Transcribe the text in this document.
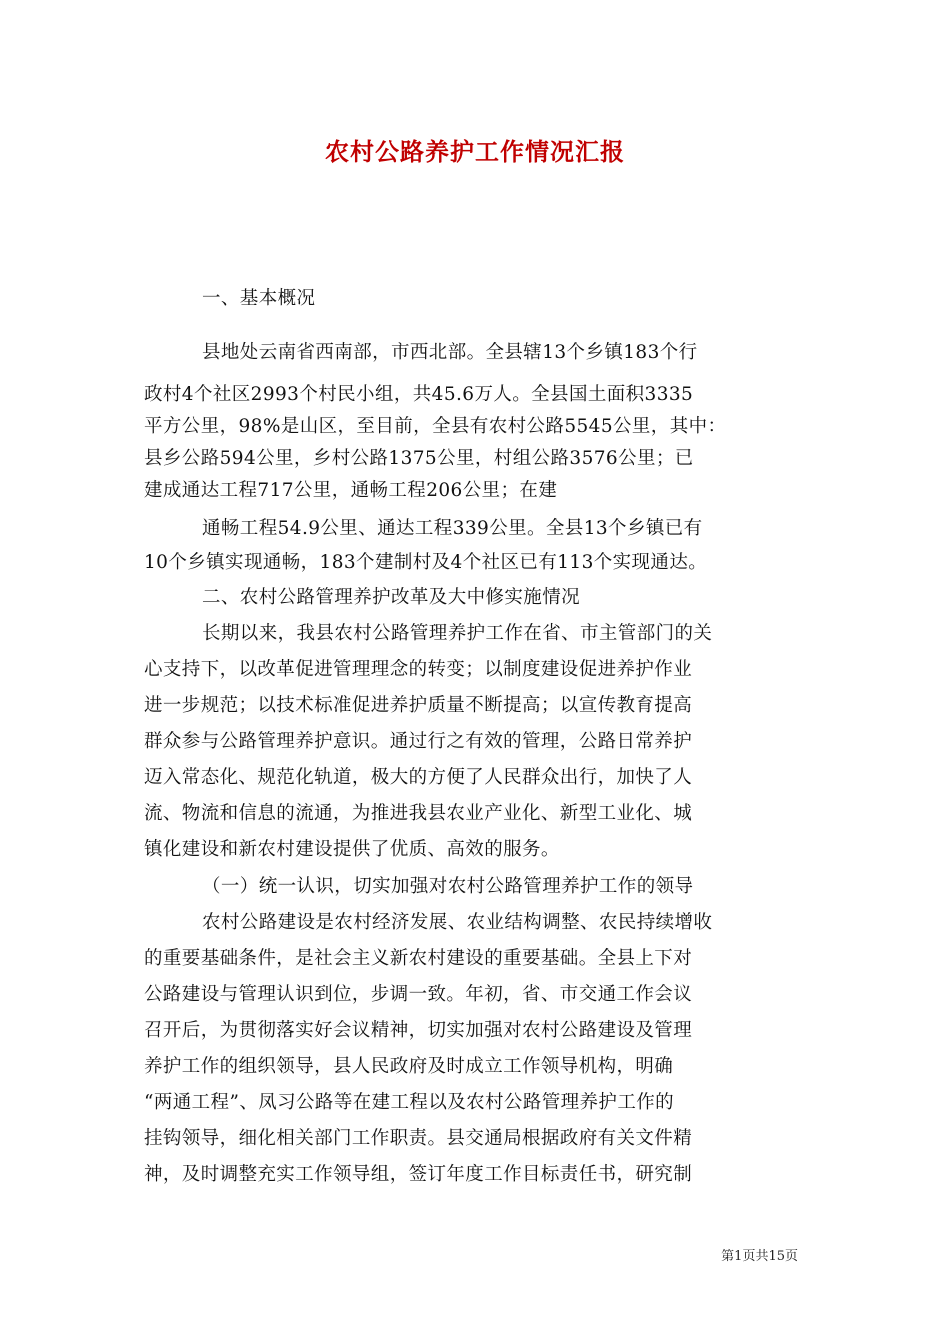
农村公路养护工作情况汇报
一、基本概况
县地处云南省西南部，市西北部。全县辖13个乡镇183个行
政村4个社区2993个村民小组，共45.6万人。全县国土面积3335
平方公里，98%是山区，至目前，全县有农村公路5545公里，其中：
县乡公路594公里，乡村公路1375公里，村组公路3576公里；已
建成通达工程717公里，通畅工程206公里；在建
通畅工程54.9公里、通达工程339公里。全县13个乡镇已有
10个乡镇实现通畅，183个建制村及4个社区已有113个实现通达。
二、农村公路管理养护改革及大中修实施情况
长期以来，我县农村公路管理养护工作在省、市主管部门的关
心支持下，以改革促进管理理念的转变；以制度建设促进养护作业
进一步规范；以技术标准促进养护质量不断提高；以宣传教育提高
群众参与公路管理养护意识。通过行之有效的管理，公路日常养护
迈入常态化、规范化轨道，极大的方便了人民群众出行，加快了人
流、物流和信息的流通，为推进我县农业产业化、新型工业化、城
镇化建设和新农村建设提供了优质、高效的服务。
（一）统一认识，切实加强对农村公路管理养护工作的领导
农村公路建设是农村经济发展、农业结构调整、农民持续增收
的重要基础条件，是社会主义新农村建设的重要基础。全县上下对
公路建设与管理认识到位，步调一致。年初，省、市交通工作会议
召开后，为贯彻落实好会议精神，切实加强对农村公路建设及管理
养护工作的组织领导，县人民政府及时成立工作领导机构，明确
“两通工程”、凤习公路等在建工程以及农村公路管理养护工作的
挂钩领导，细化相关部门工作职责。县交通局根据政府有关文件精
神，及时调整充实工作领导组，签订年度工作目标责任书，研究制
第1页共15页
